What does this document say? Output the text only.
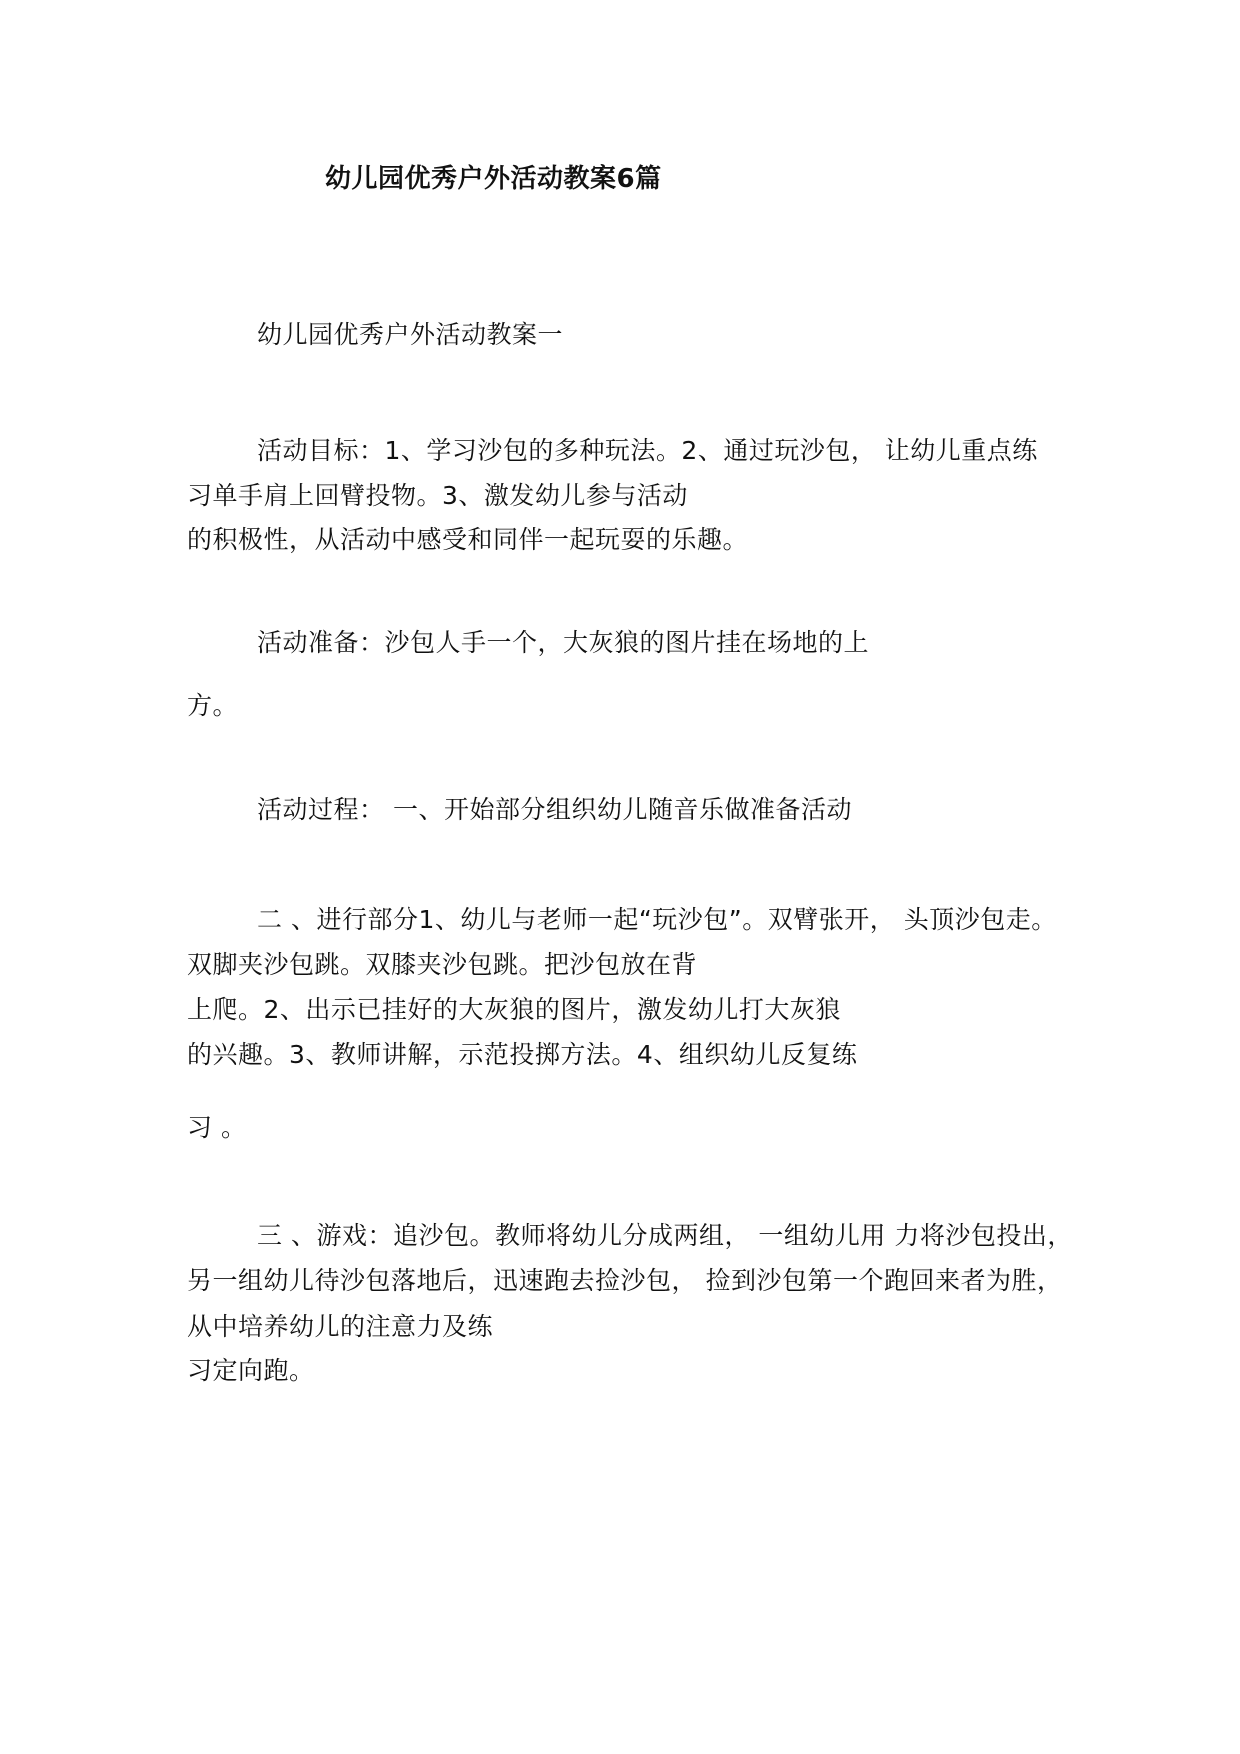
幼儿园优秀户外活动教案6篇
幼儿园优秀户外活动教案一
活动目标：1、学习沙包的多种玩法。2、通过玩沙包， 让幼儿重点练
习单手肩上回臂投物。3、激发幼儿参与活动
的积极性，从活动中感受和同伴一起玩耍的乐趣。
活动准备：沙包人手一个，大灰狼的图片挂在场地的上
方。
活动过程： 一、开始部分组织幼儿随音乐做准备活动
二 、进行部分1、幼儿与老师一起“玩沙包”。双臂张开， 头顶沙包走。
双脚夹沙包跳。双膝夹沙包跳。把沙包放在背
上爬。2、出示已挂好的大灰狼的图片，激发幼儿打大灰狼
的兴趣。3、教师讲解，示范投掷方法。4、组织幼儿反复练
习 。
三 、游戏：追沙包。教师将幼儿分成两组， 一组幼儿用 力将沙包投出，
另一组幼儿待沙包落地后，迅速跑去捡沙包， 捡到沙包第一个跑回来者为胜，
从中培养幼儿的注意力及练
习定向跑。
